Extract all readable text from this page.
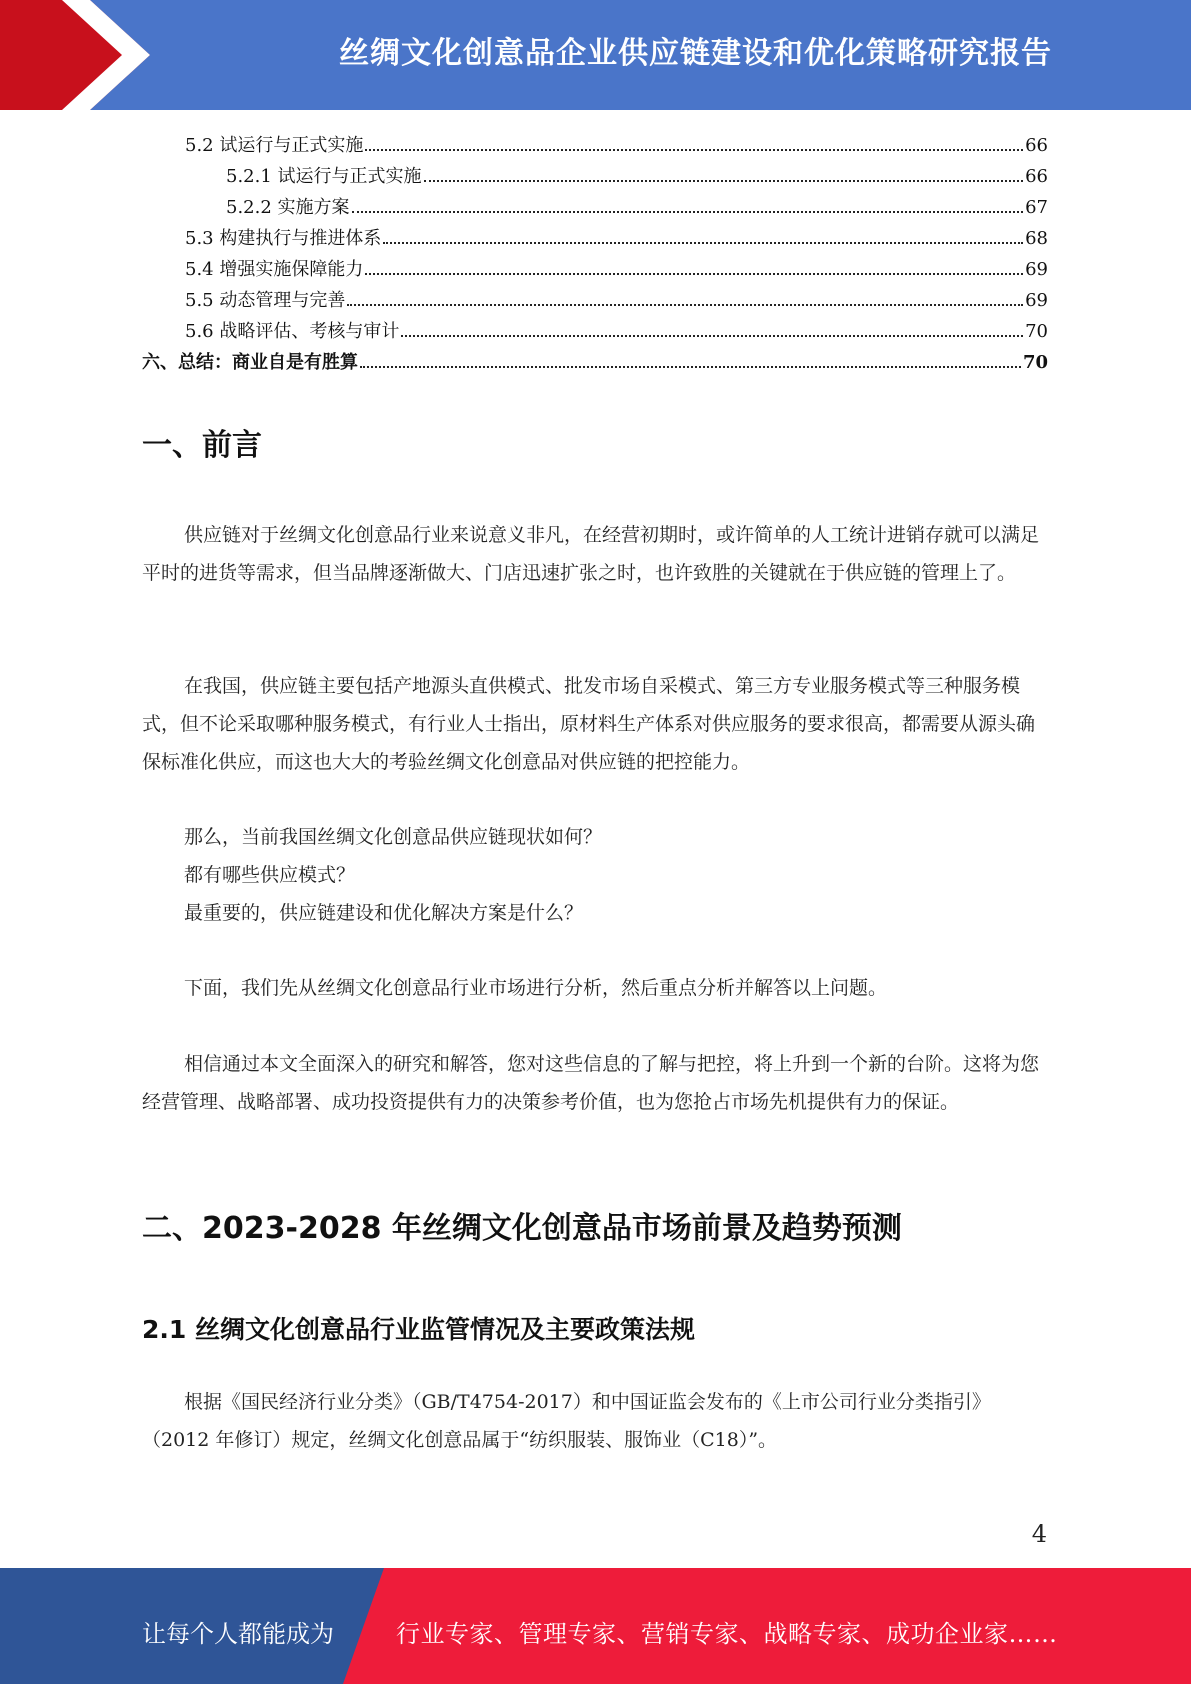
丝绸文化创意品企业供应链建设和优化策略研究报告
5.2 试运行与正式实施	66
5.2.1 试运行与正式实施	66
5.2.2 实施方案	67
5.3 构建执行与推进体系	68
5.4 增强实施保障能力	69
5.5 动态管理与完善	69
5.6 战略评估、考核与审计	70
六、总结：商业自是有胜算	70
一、前言

供应链对于丝绸文化创意品行业来说意义非凡，在经营初期时，或许简单的人工统计进销存就可以满足平时的进货等需求，但当品牌逐渐做大、门店迅速扩张之时，也许致胜的关键就在于供应链的管理上了。

在我国，供应链主要包括产地源头直供模式、批发市场自采模式、第三方专业服务模式等三种服务模式，但不论采取哪种服务模式，有行业人士指出，原材料生产体系对供应服务的要求很高，都需要从源头确保标准化供应，而这也大大的考验丝绸文化创意品对供应链的把控能力。

那么，当前我国丝绸文化创意品供应链现状如何？
都有哪些供应模式？
最重要的，供应链建设和优化解决方案是什么？

下面，我们先从丝绸文化创意品行业市场进行分析，然后重点分析并解答以上问题。

相信通过本文全面深入的研究和解答，您对这些信息的了解与把控，将上升到一个新的台阶。这将为您经营管理、战略部署、成功投资提供有力的决策参考价值，也为您抢占市场先机提供有力的保证。

二、2023-2028 年丝绸文化创意品市场前景及趋势预测
2.1 丝绸文化创意品行业监管情况及主要政策法规

根据《国民经济行业分类》（GB/T4754-2017）和中国证监会发布的《上市公司行业分类指引》（2012 年修订）规定，丝绸文化创意品属于“纺织服装、服饰业（C18）”。

4
让每个人都能成为	行业专家、管理专家、营销专家、战略专家、成功企业家……
